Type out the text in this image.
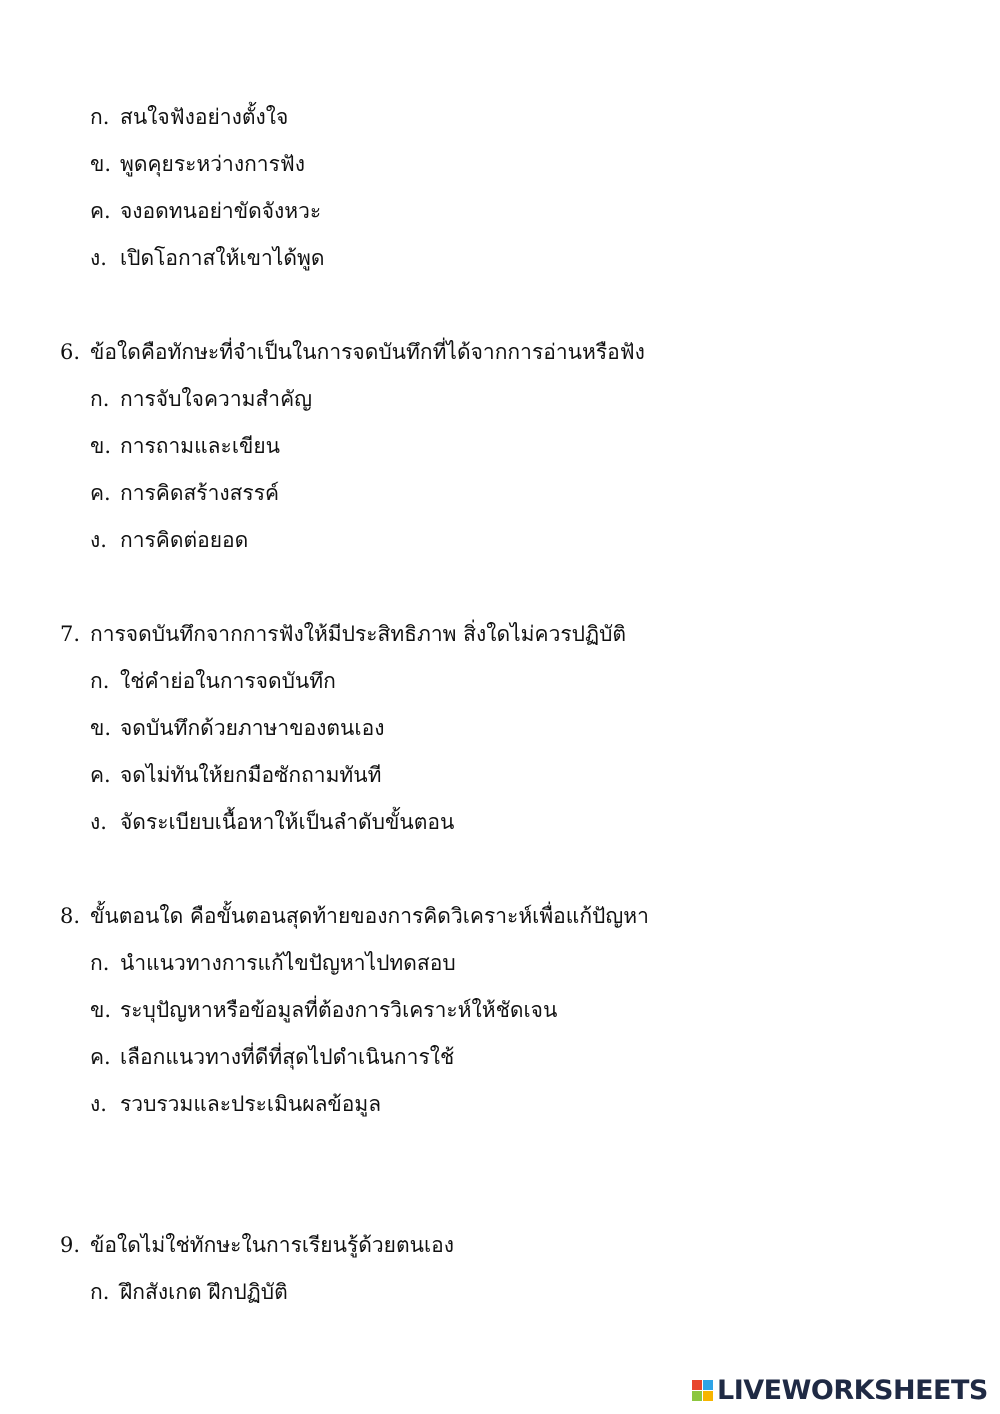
ก. สนใจฟังอย่างตั้งใจ
ข. พูดคุยระหว่างการฟัง
ค. จงอดทนอย่าขัดจังหวะ
ง. เปิดโอกาสให้เขาได้พูด
6. ข้อใดคือทักษะที่จำเป็นในการจดบันทึกที่ได้จากการอ่านหรือฟัง
ก. การจับใจความสำคัญ
ข. การถามและเขียน
ค. การคิดสร้างสรรค์
ง. การคิดต่อยอด
7. การจดบันทึกจากการฟังให้มีประสิทธิภาพ สิ่งใดไม่ควรปฏิบัติ
ก. ใช่คำย่อในการจดบันทึก
ข. จดบันทึกด้วยภาษาของตนเอง
ค. จดไม่ทันให้ยกมือซักถามทันที
ง. จัดระเบียบเนื้อหาให้เป็นลำดับขั้นตอน
8. ขั้นตอนใด คือขั้นตอนสุดท้ายของการคิดวิเคราะห์เพื่อแก้ปัญหา
ก. นำแนวทางการแก้ไขปัญหาไปทดสอบ
ข. ระบุปัญหาหรือข้อมูลที่ต้องการวิเคราะห์ให้ชัดเจน
ค. เลือกแนวทางที่ดีที่สุดไปดำเนินการใช้
ง. รวบรวมและประเมินผลข้อมูล
9. ข้อใดไม่ใช่ทักษะในการเรียนรู้ด้วยตนเอง
ก. ฝึกสังเกต ฝึกปฏิบัติ
LIVEWORKSHEETS
